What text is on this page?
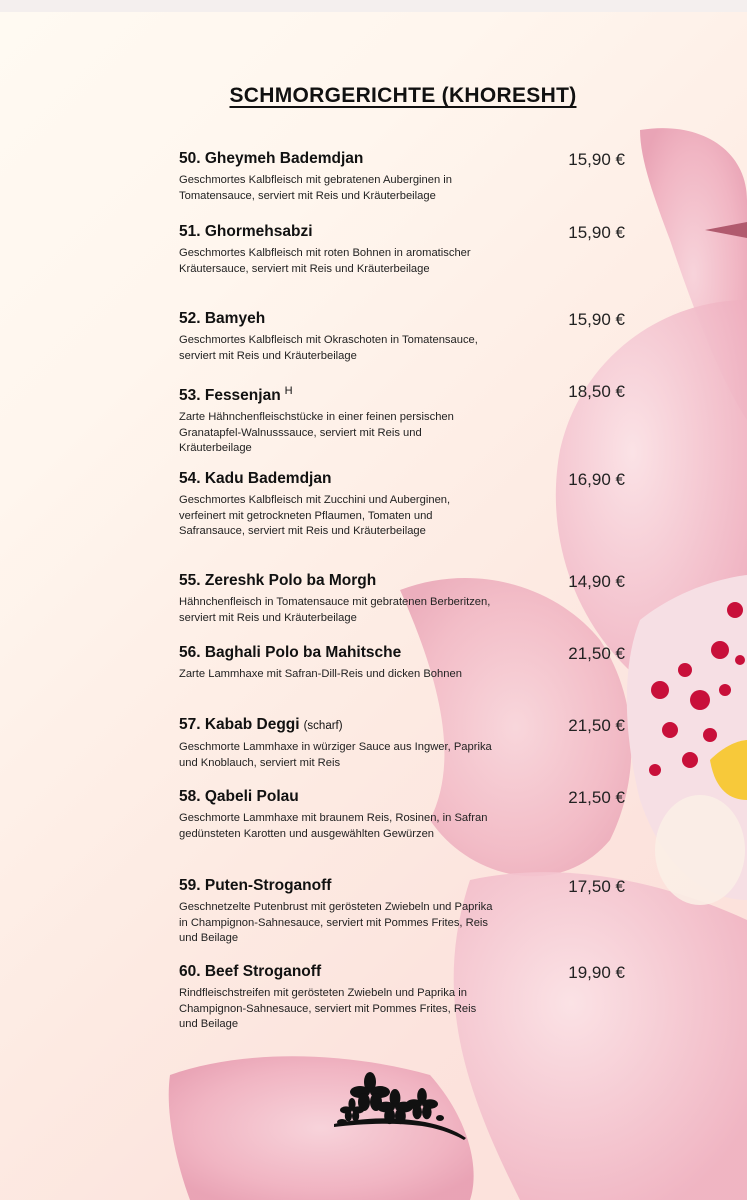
SCHMORGERICHTE (KHORESHT)
50. Gheymeh Bademdjan
Geschmortes Kalbfleisch mit gebratenen Auberginen in Tomatensauce, serviert mit Reis und Kräuterbeilage
15,90 €
51. Ghormehsabzi
Geschmortes Kalbfleisch mit roten Bohnen in aromatischer Kräutersauce, serviert mit Reis und Kräuterbeilage
15,90 €
52. Bamyeh
Geschmortes Kalbfleisch mit Okraschoten in Tomatensauce, serviert mit Reis und Kräuterbeilage
15,90 €
53. Fessenjan $^H$
Zarte Hähnchenfleischstücke in einer feinen persischen Granatapfel-Walnusssauce, serviert mit Reis und Kräuterbeilage
18,50 €
54. Kadu Bademdjan
Geschmortes Kalbfleisch mit Zucchini und Auberginen, verfeinert mit getrockneten Pflaumen, Tomaten und Safransauce, serviert mit Reis und Kräuterbeilage
16,90 €
55. Zereshk Polo ba Morgh
Hähnchenfleisch in Tomatensauce mit gebratenen Berberitzen, serviert mit Reis und Kräuterbeilage
14,90 €
56. Baghali Polo ba Mahitsche
Zarte Lammhaxe mit Safran-Dill-Reis und dicken Bohnen
21,50 €
57. Kabab Deggi (scharf)
Geschmorte Lammhaxe in würziger Sauce aus Ingwer, Paprika und Knoblauch, serviert mit Reis
21,50 €
58. Qabeli Polau
Geschmorte Lammhaxe mit braunem Reis, Rosinen, in Safran gedünsteten Karotten und ausgewählten Gewürzen
21,50 €
59. Puten-Stroganoff
Geschnetzelte Putenbrust mit gerösteten Zwiebeln und Paprika in Champignon-Sahnesauce, serviert mit Pommes Frites, Reis und Beilage
17,50 €
60. Beef Stroganoff
Rindfleischstreifen mit gerösteten Zwiebeln und Paprika in Champignon-Sahnesauce, serviert mit Pommes Frites, Reis und Beilage
19,90 €
